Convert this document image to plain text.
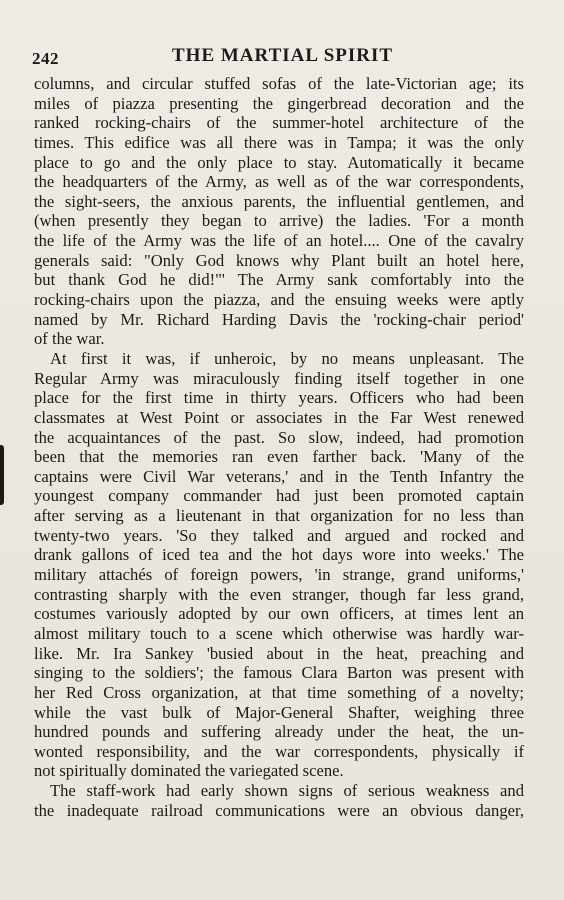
242	THE MARTIAL SPIRIT
columns, and circular stuffed sofas of the late-Victorian age; its
miles of piazza presenting the gingerbread decoration and the
ranked rocking-chairs of the summer-hotel architecture of the
times. This edifice was all there was in Tampa; it was the only
place to go and the only place to stay. Automatically it became
the headquarters of the Army, as well as of the war correspondents,
the sight-seers, the anxious parents, the influential gentlemen, and
(when presently they began to arrive) the ladies. 'For a month
the life of the Army was the life of an hotel.... One of the cavalry
generals said: "Only God knows why Plant built an hotel here,
but thank God he did!"' The Army sank comfortably into the
rocking-chairs upon the piazza, and the ensuing weeks were aptly
named by Mr. Richard Harding Davis the 'rocking-chair period'
of the war.
At first it was, if unheroic, by no means unpleasant. The
Regular Army was miraculously finding itself together in one
place for the first time in thirty years. Officers who had been
classmates at West Point or associates in the Far West renewed
the acquaintances of the past. So slow, indeed, had promotion
been that the memories ran even farther back. 'Many of the
captains were Civil War veterans,' and in the Tenth Infantry the
youngest company commander had just been promoted captain
after serving as a lieutenant in that organization for no less than
twenty-two years. 'So they talked and argued and rocked and
drank gallons of iced tea and the hot days wore into weeks.' The
military attachés of foreign powers, 'in strange, grand uniforms,'
contrasting sharply with the even stranger, though far less grand,
costumes variously adopted by our own officers, at times lent an
almost military touch to a scene which otherwise was hardly war-
like. Mr. Ira Sankey 'busied about in the heat, preaching and
singing to the soldiers'; the famous Clara Barton was present with
her Red Cross organization, at that time something of a novelty;
while the vast bulk of Major-General Shafter, weighing three
hundred pounds and suffering already under the heat, the un-
wonted responsibility, and the war correspondents, physically if
not spiritually dominated the variegated scene.
The staff-work had early shown signs of serious weakness and
the inadequate railroad communications were an obvious danger,
